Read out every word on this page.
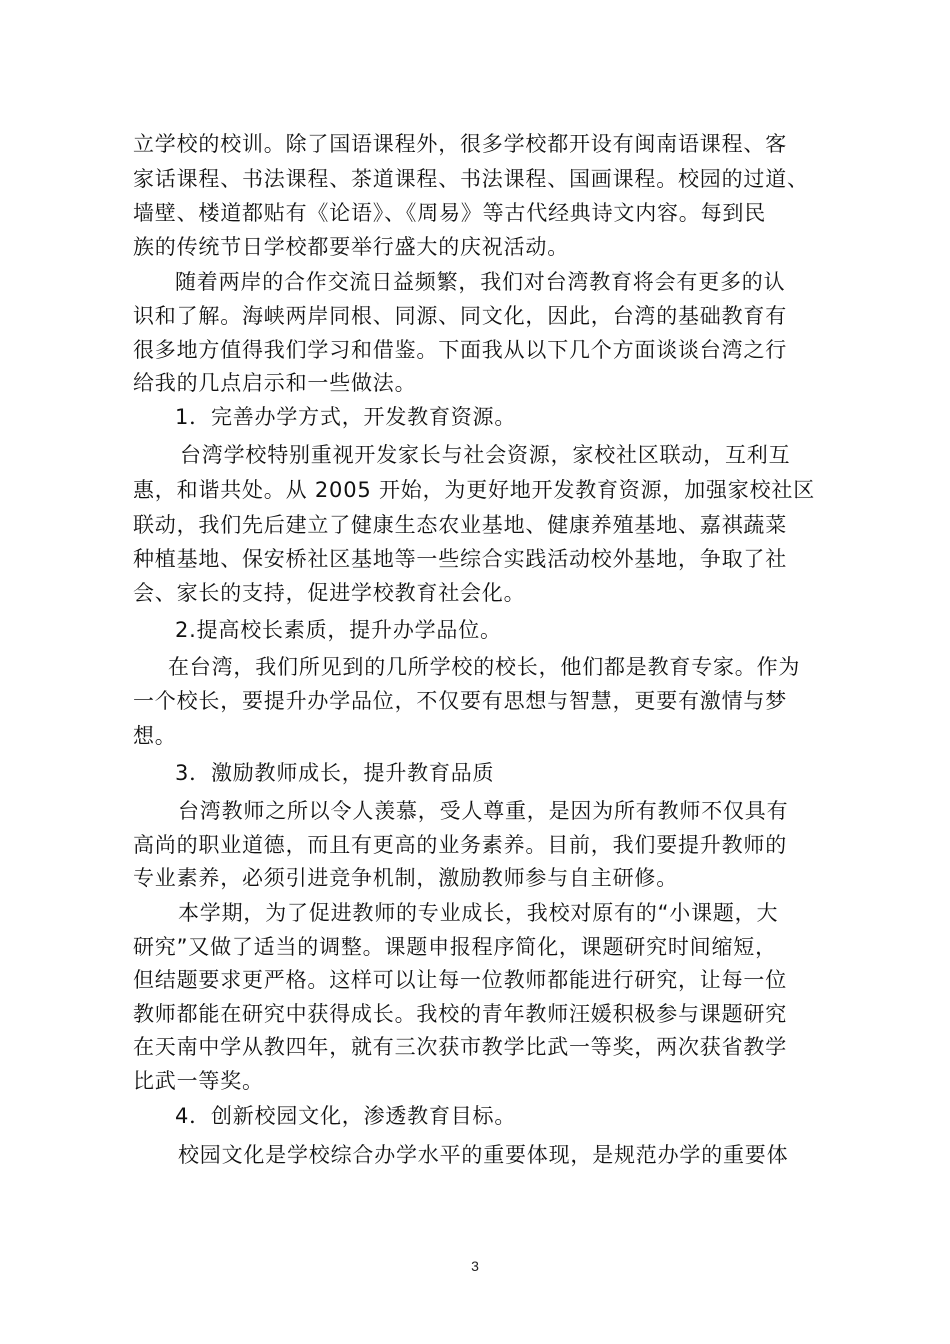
立学校的校训。除了国语课程外，很多学校都开设有闽南语课程、客
家话课程、书法课程、茶道课程、书法课程、国画课程。校园的过道、
墙壁、楼道都贴有《论语》、《周易》等古代经典诗文内容。每到民
族的传统节日学校都要举行盛大的庆祝活动。
随着两岸的合作交流日益频繁，我们对台湾教育将会有更多的认
识和了解。海峡两岸同根、同源、同文化，因此，台湾的基础教育有
很多地方值得我们学习和借鉴。下面我从以下几个方面谈谈台湾之行
给我的几点启示和一些做法。
1．完善办学方式，开发教育资源。
台湾学校特别重视开发家长与社会资源，家校社区联动，互利互
惠，和谐共处。从 2005 开始，为更好地开发教育资源，加强家校社区
联动，我们先后建立了健康生态农业基地、健康养殖基地、嘉祺蔬菜
种植基地、保安桥社区基地等一些综合实践活动校外基地，争取了社
会、家长的支持，促进学校教育社会化。
2.提高校长素质，提升办学品位。
在台湾，我们所见到的几所学校的校长，他们都是教育专家。作为
一个校长，要提升办学品位，不仅要有思想与智慧，更要有激情与梦
想。
3．激励教师成长，提升教育品质
台湾教师之所以令人羡慕，受人尊重，是因为所有教师不仅具有
高尚的职业道德，而且有更高的业务素养。目前，我们要提升教师的
专业素养，必须引进竞争机制，激励教师参与自主研修。
本学期，为了促进教师的专业成长，我校对原有的“小课题，大
研究”又做了适当的调整。课题申报程序简化，课题研究时间缩短，
但结题要求更严格。这样可以让每一位教师都能进行研究，让每一位
教师都能在研究中获得成长。我校的青年教师汪媛积极参与课题研究
在天南中学从教四年，就有三次获市教学比武一等奖，两次获省教学
比武一等奖。
4．创新校园文化，渗透教育目标。
校园文化是学校综合办学水平的重要体现，是规范办学的重要体
3
